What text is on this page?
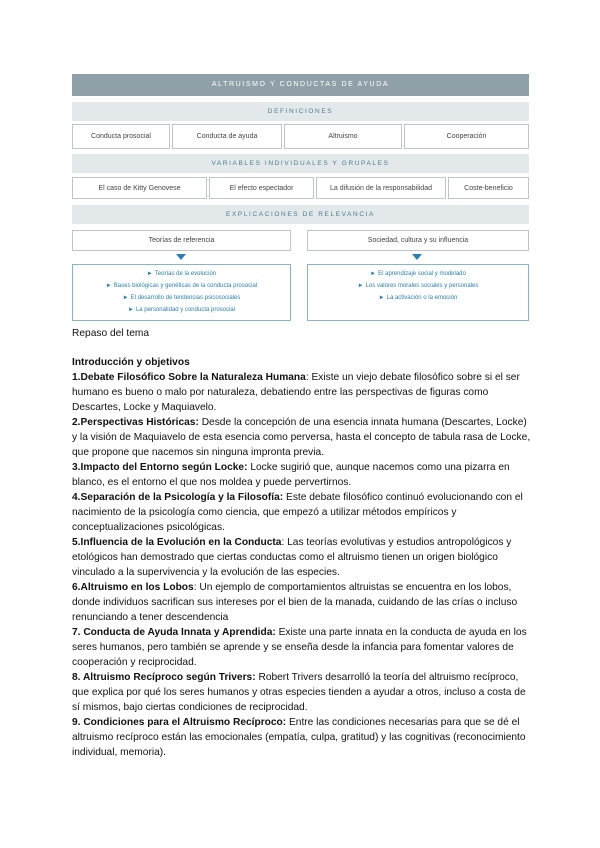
ALTRUISMO Y CONDUCTAS DE AYUDA
DEFINICIONES
Conducta prosocial	Conducta de ayuda	Altruismo	Cooperación
VARIABLES INDIVIDUALES Y GRUPALES
El caso de Kitty Genovese	El efecto espectador	La difusión de la responsabilidad	Coste-beneficio
EXPLICACIONES DE RELEVANCIA
Teorías de referencia
► Teorías de la evolución
► Bases biológicas y genéticas de la conducta prosocial
► El desarrollo de tendencias psicosociales
► La personalidad y conducta prosocial
Sociedad, cultura y su influencia
► El aprendizaje social y modelado
► Los valores morales sociales y personales
► La activación o la emoción
Repaso del tema

Introducción y objetivos

1.Debate Filosófico Sobre la Naturaleza Humana: Existe un viejo debate filosófico sobre si el ser humano es bueno o malo por naturaleza, debatiendo entre las perspectivas de figuras como Descartes, Locke y Maquiavelo.

2.Perspectivas Históricas: Desde la concepción de una esencia innata humana (Descartes, Locke) y la visión de Maquiavelo de esta esencia como perversa, hasta el concepto de tabula rasa de Locke, que propone que nacemos sin ninguna impronta previa.

3.Impacto del Entorno según Locke: Locke sugirió que, aunque nacemos como una pizarra en blanco, es el entorno el que nos moldea y puede pervertirnos.

4.Separación de la Psicología y la Filosofía: Este debate filosófico continuó evolucionando con el nacimiento de la psicología como ciencia, que empezó a utilizar métodos empíricos y conceptualizaciones psicológicas.

5.Influencia de la Evolución en la Conducta: Las teorías evolutivas y estudios antropológicos y etológicos han demostrado que ciertas conductas como el altruismo tienen un origen biológico vinculado a la supervivencia y la evolución de las especies.

6.Altruismo en los Lobos: Un ejemplo de comportamientos altruistas se encuentra en los lobos, donde individuos sacrifican sus intereses por el bien de la manada, cuidando de las crías o incluso renunciando a tener descendencia

7. Conducta de Ayuda Innata y Aprendida: Existe una parte innata en la conducta de ayuda en los seres humanos, pero también se aprende y se enseña desde la infancia para fomentar valores de cooperación y reciprocidad.

8. Altruismo Recíproco según Trivers: Robert Trivers desarrolló la teoría del altruismo recíproco, que explica por qué los seres humanos y otras especies tienden a ayudar a otros, incluso a costa de sí mismos, bajo ciertas condiciones de reciprocidad.

9. Condiciones para el Altruismo Recíproco: Entre las condiciones necesarias para que se dé el altruismo recíproco están las emocionales (empatía, culpa, gratitud) y las cognitivas (reconocimiento individual, memoria).
